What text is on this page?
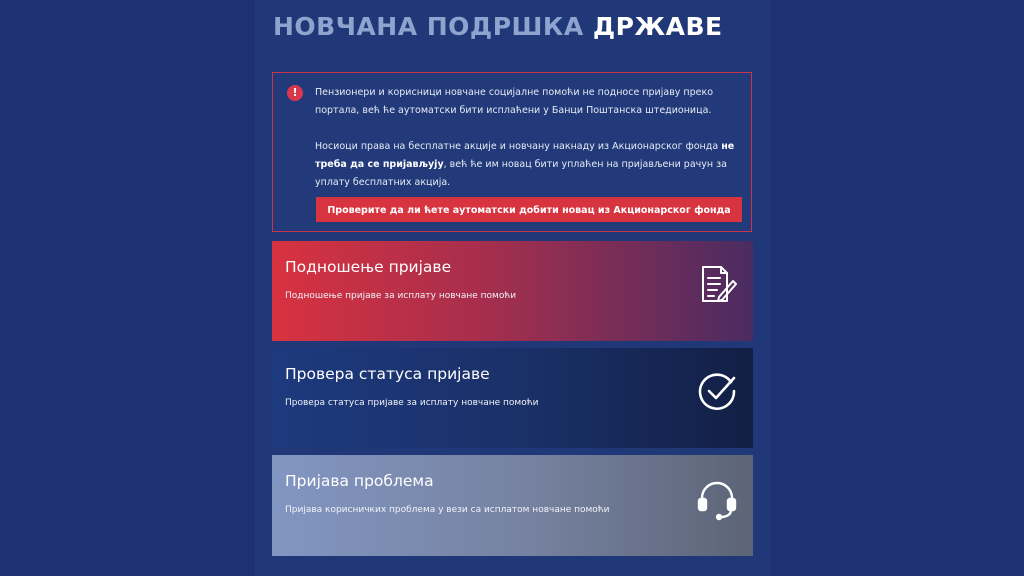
НОВЧАНА ПОДРШКА ДРЖАВЕ
!	Пензионери и корисници новчане социјалне помоћи не подносе пријаву преко портала, већ ће аутоматски бити исплаћени у Банци Поштанска штедионица.

Носиоци права на бесплатне акције и новчану накнаду из Акционарског фонда не треба да се пријављују, већ ће им новац бити уплаћен на пријављени рачун за уплату бесплатних акција.

Проверите да ли ћете аутоматски добити новац из Акционарског фонда
Подношење пријаве

Подношење пријаве за исплату новчане помоћи

Провера статуса пријаве

Провера статуса пријаве за исплату новчане помоћи

Пријава проблема

Пријава корисничких проблема у вези са исплатом новчане помоћи
